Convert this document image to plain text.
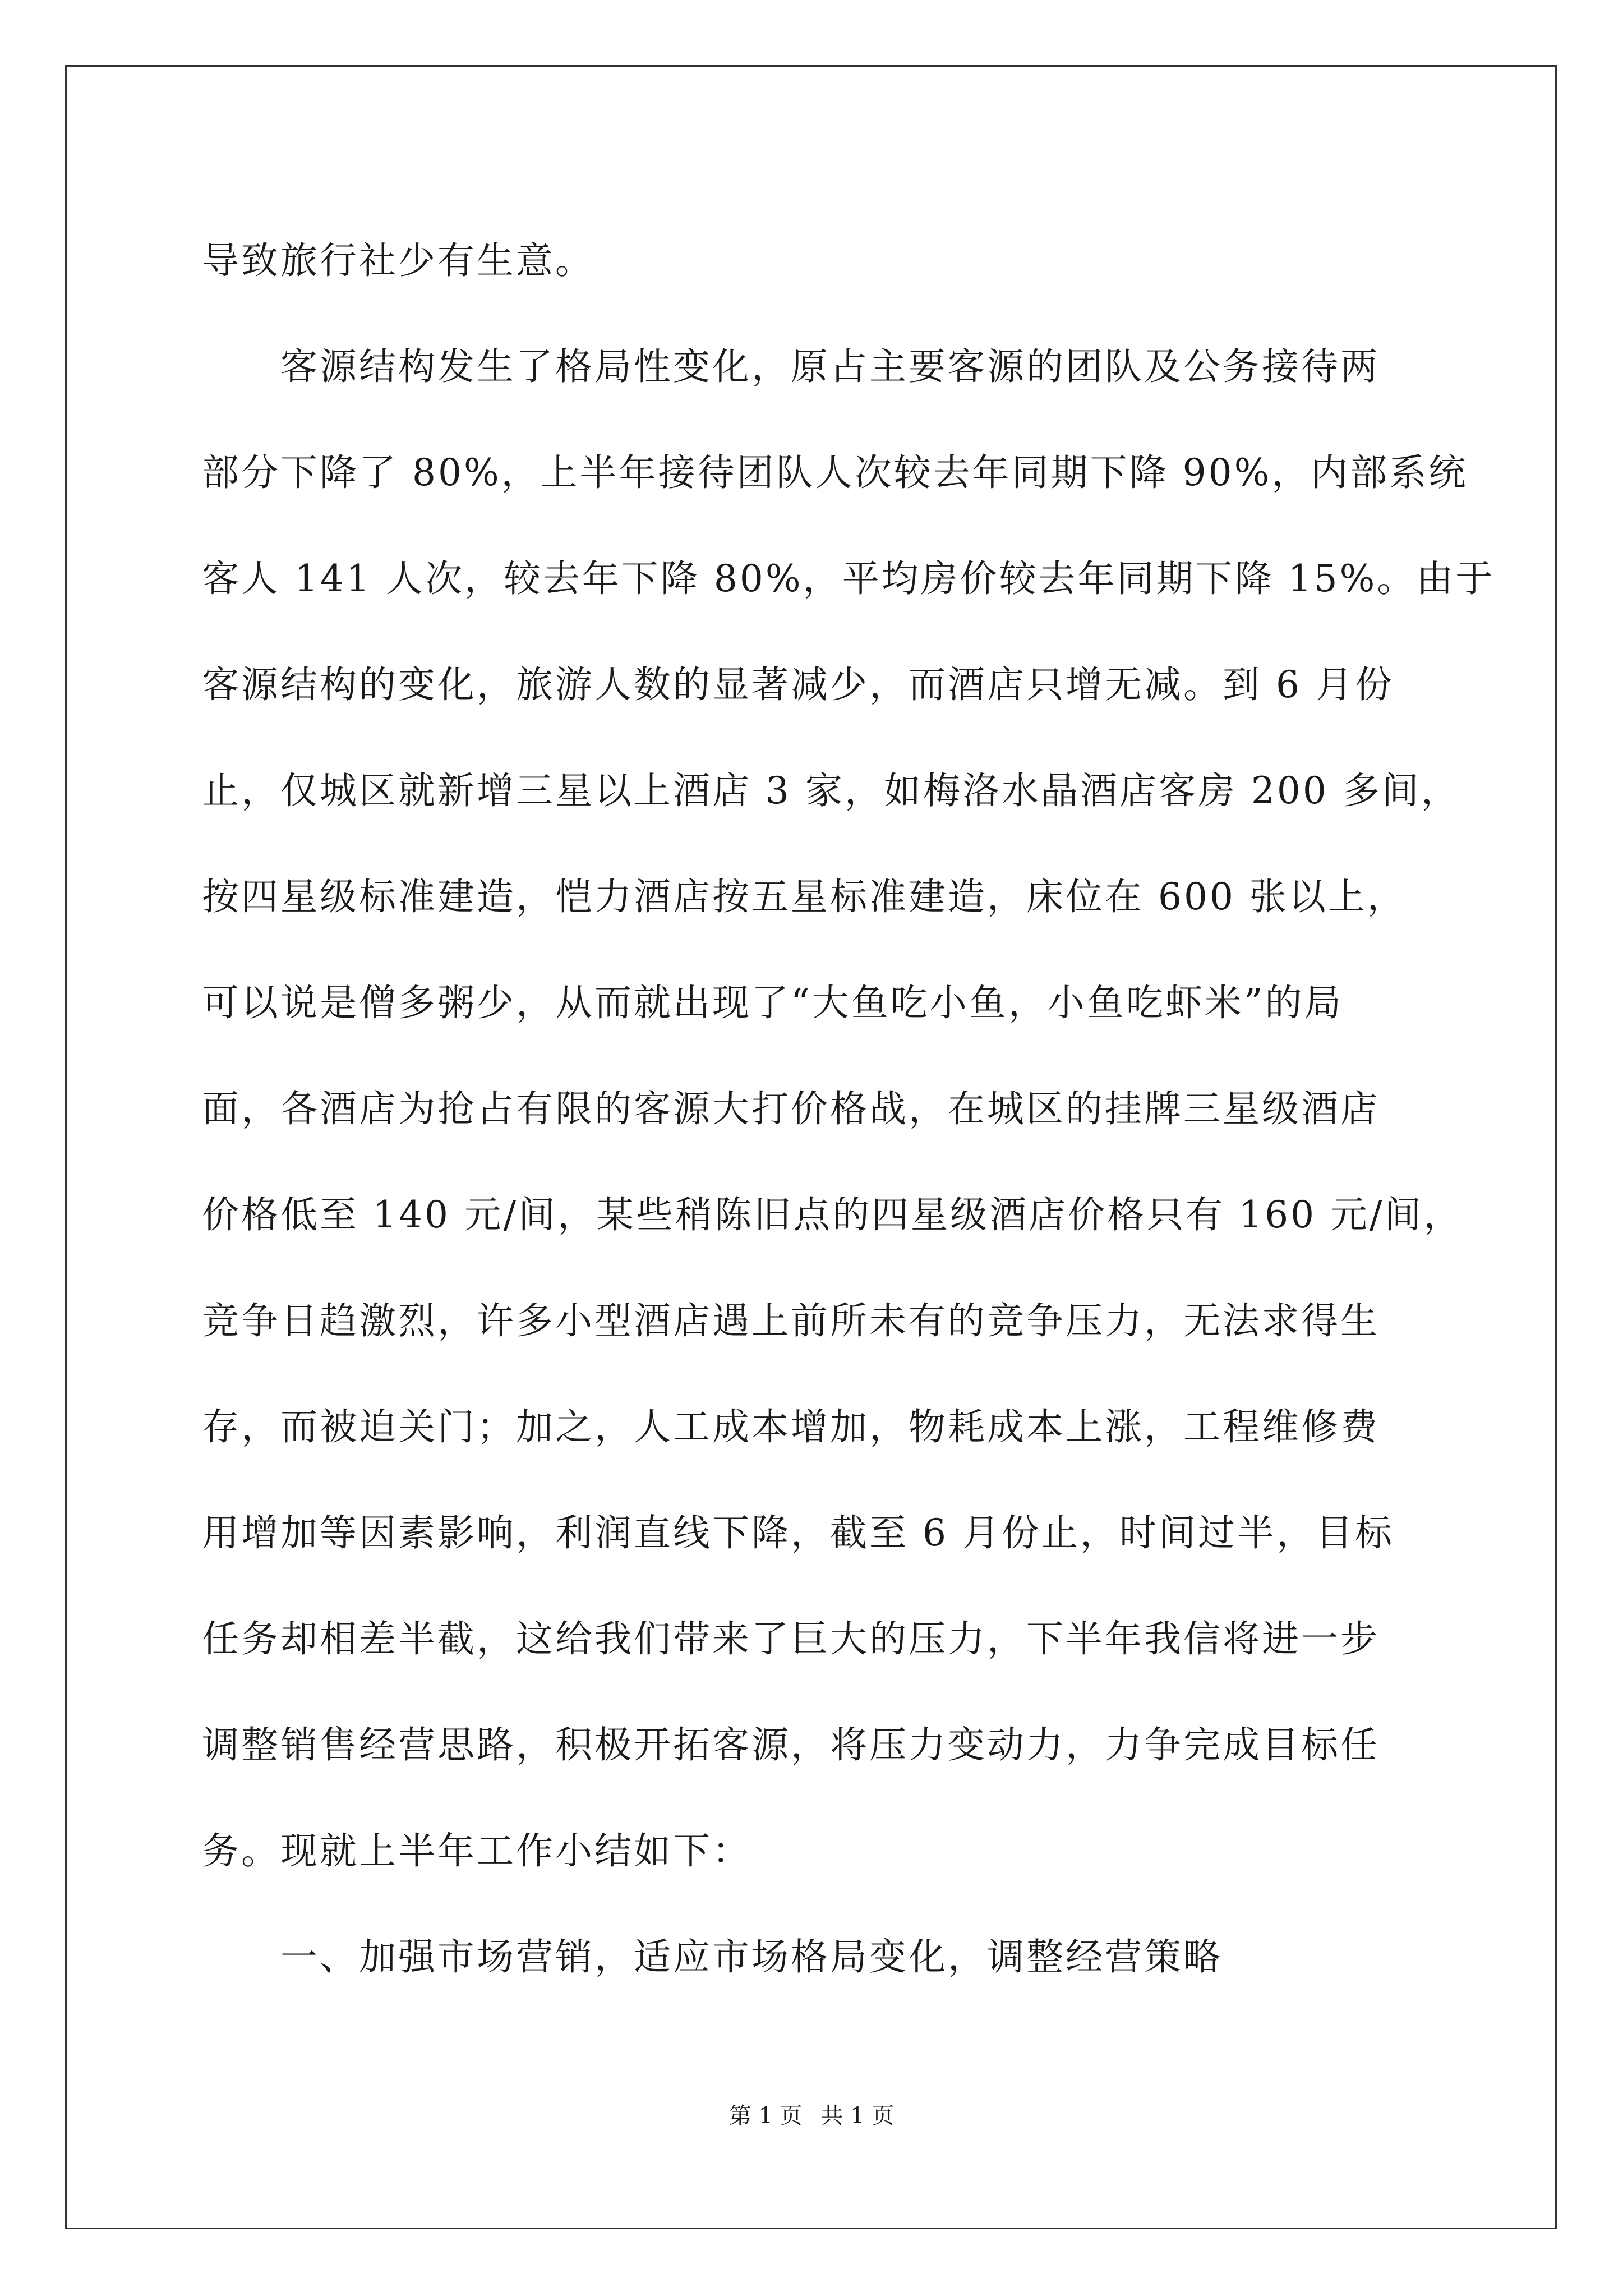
导致旅行社少有生意。
客源结构发生了格局性变化，原占主要客源的团队及公务接待两
部分下降了 80%，上半年接待团队人次较去年同期下降 90%，内部系统
客人 141 人次，较去年下降 80%，平均房价较去年同期下降 15%。由于
客源结构的变化，旅游人数的显著减少，而酒店只增无减。到 6 月份
止，仅城区就新增三星以上酒店 3 家，如梅洛水晶酒店客房 200 多间，
按四星级标准建造，恺力酒店按五星标准建造，床位在 600 张以上，
可以说是僧多粥少，从而就出现了“大鱼吃小鱼，小鱼吃虾米”的局
面，各酒店为抢占有限的客源大打价格战，在城区的挂牌三星级酒店
价格低至 140 元/间，某些稍陈旧点的四星级酒店价格只有 160 元/间，
竞争日趋激烈，许多小型酒店遇上前所未有的竞争压力，无法求得生
存，而被迫关门；加之，人工成本增加，物耗成本上涨，工程维修费
用增加等因素影响，利润直线下降，截至 6 月份止，时间过半，目标
任务却相差半截，这给我们带来了巨大的压力，下半年我信将进一步
调整销售经营思路，积极开拓客源，将压力变动力，力争完成目标任
务。现就上半年工作小结如下：
一、加强市场营销，适应市场格局变化，调整经营策略
第 1 页 共 1 页
